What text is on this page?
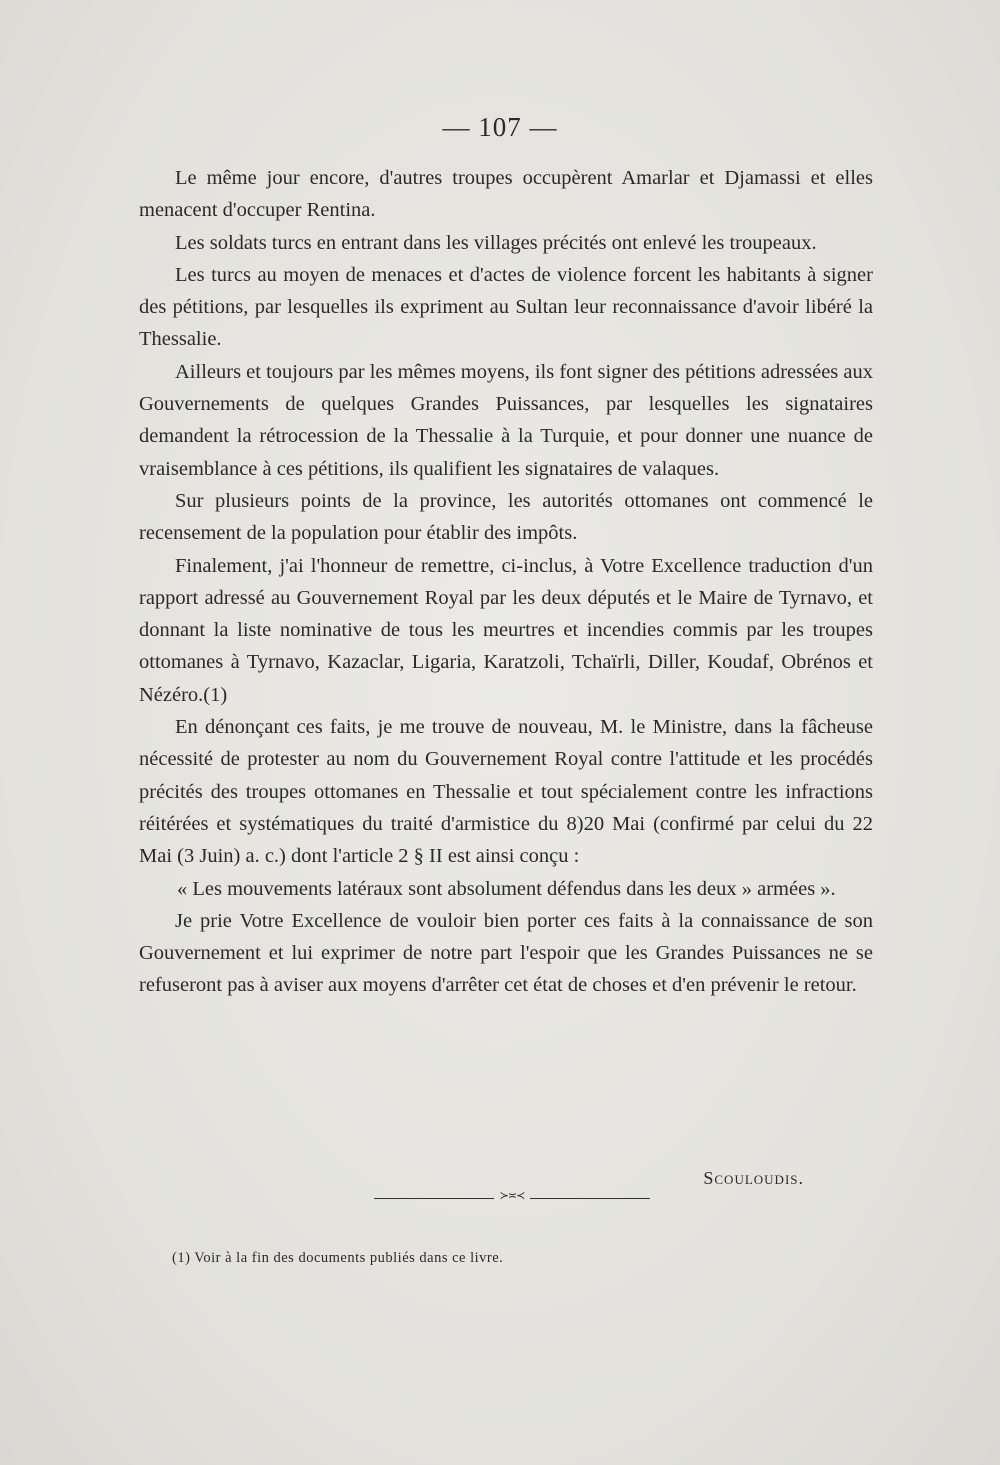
— 107 —

Le même jour encore, d'autres troupes occupèrent Amarlar et Djamassi et elles menacent d'occuper Rentina.

Les soldats turcs en entrant dans les villages précités ont enlevé les troupeaux.

Les turcs au moyen de menaces et d'actes de violence forcent les habitants à signer des pétitions, par lesquelles ils expriment au Sultan leur reconnaissance d'avoir libéré la Thessalie.

Ailleurs et toujours par les mêmes moyens, ils font signer des pétitions adressées aux Gouvernements de quelques Grandes Puissances, par lesquelles les signataires demandent la rétrocession de la Thessalie à la Turquie, et pour donner une nuance de vraisemblance à ces pétitions, ils qualifient les signataires de valaques.

Sur plusieurs points de la province, les autorités ottomanes ont commencé le recensement de la population pour établir des impôts.

Finalement, j'ai l'honneur de remettre, ci-inclus, à Votre Excellence traduction d'un rapport adressé au Gouvernement Royal par les deux députés et le Maire de Tyrnavo, et donnant la liste nominative de tous les meurtres et incendies commis par les troupes ottomanes à Tyrnavo, Kazaclar, Ligaria, Karatzoli, Tchaïrli, Diller, Koudaf, Obrénos et Nézéro.(1)

En dénonçant ces faits, je me trouve de nouveau, M. le Ministre, dans la fâcheuse nécessité de protester au nom du Gouvernement Royal contre l'attitude et les procédés précités des troupes ottomanes en Thessalie et tout spécialement contre les infractions réitérées et systématiques du traité d'armistice du 8)20 Mai (confirmé par celui du 22 Mai (3 Juin) a. c.) dont l'article 2 § II est ainsi conçu :

« Les mouvements latéraux sont absolument défendus dans les deux » armées ».

Je prie Votre Excellence de vouloir bien porter ces faits à la connaissance de son Gouvernement et lui exprimer de notre part l'espoir que les Grandes Puissances ne se refuseront pas à aviser aux moyens d'arrêter cet état de choses et d'en prévenir le retour.

Scouloudis.
≻≍≺
(1) Voir à la fin des documents publiés dans ce livre.
